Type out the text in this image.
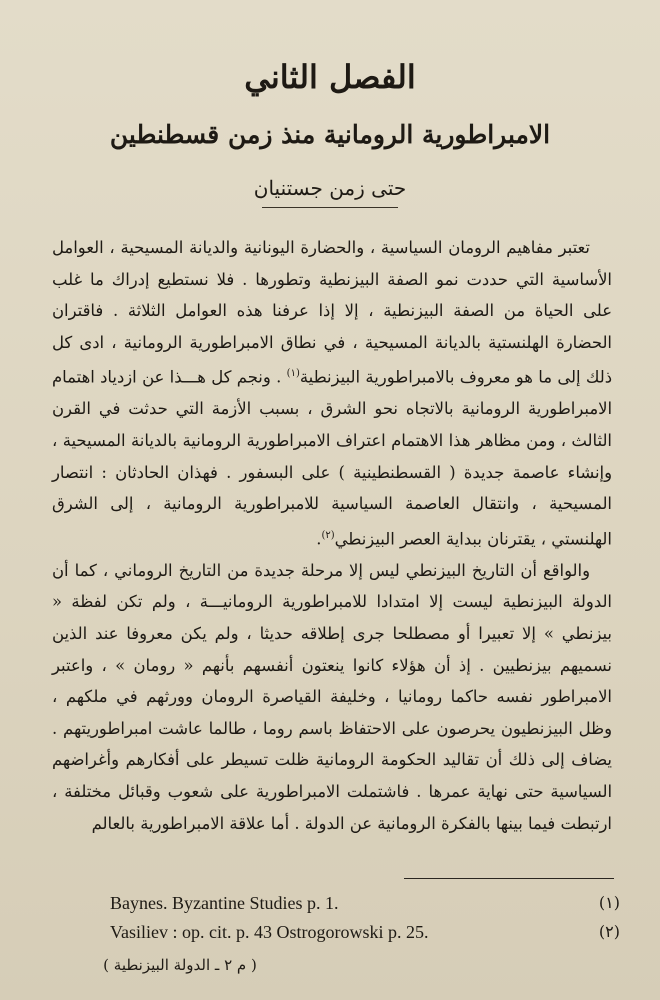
الفصل الثاني
الامبراطورية الرومانية منذ زمن قسطنطين
حتى زمن جستنيان

تعتبر مفاهيم الرومان السياسية ، والحضارة اليونانية والديانة المسيحية ، العوامل الأساسية التي حددت نمو الصفة البيزنطية وتطورها . فلا نستطيع إدراك ما غلب على الحياة من الصفة البيزنطية ، إلا إذا عرفنا هذه العوامل الثلاثة . فاقتران الحضارة الهلنستية بالديانة المسيحية ، في نطاق الامبراطورية الرومانية ، ادى كل ذلك إلى ما هو معروف بالامبراطورية البيزنطية$^{(١)}$ . ونجم كل هـــذا عن ازدياد اهتمام الامبراطورية الرومانية بالاتجاه نحو الشرق ، بسبب الأزمة التي حدثت في القرن الثالث ، ومن مظاهر هذا الاهتمام اعتراف الامبراطورية الرومانية بالديانة المسيحية ، وإنشاء عاصمة جديدة ( القسطنطينية ) على البسفور . فهذان الحادثان : انتصار المسيحية ، وانتقال العاصمة السياسية للامبراطورية الرومانية ، إلى الشرق الهلنستي ، يقترنان ببداية العصر البيزنطي$^{(٢)}$.

والواقع أن التاريخ البيزنطي ليس إلا مرحلة جديدة من التاريخ الروماني ، كما أن الدولة البيزنطية ليست إلا امتدادا للامبراطورية الرومانيـــة ، ولم تكن لفظة « بيزنطي » إلا تعبيرا أو مصطلحا جرى إطلاقه حديثا ، ولم يكن معروفا عند الذين نسميهم بيزنطيين . إذ أن هؤلاء كانوا ينعتون أنفسهم بأنهم « رومان » ، واعتبر الامبراطور نفسه حاكما رومانيا ، وخليفة القياصرة الرومان وورثهم في ملكهم ، وظل البيزنطيون يحرصون على الاحتفاظ باسم روما ، طالما عاشت امبراطوريتهم . يضاف إلى ذلك أن تقاليد الحكومة الرومانية ظلت تسيطر على أفكارهم وأغراضهم السياسية حتى نهاية عمرها . فاشتملت الامبراطورية على شعوب وقبائل مختلفة ، ارتبطت فيما بينها بالفكرة الرومانية عن الدولة . أما علاقة الامبراطورية بالعالم

Baynes. Byzantine Studies p. 1.	(١)
Vasiliev : op. cit. p. 43 Ostrogorowski p. 25.	(٢)
( م ٢ ـ الدولة البيزنطية )
